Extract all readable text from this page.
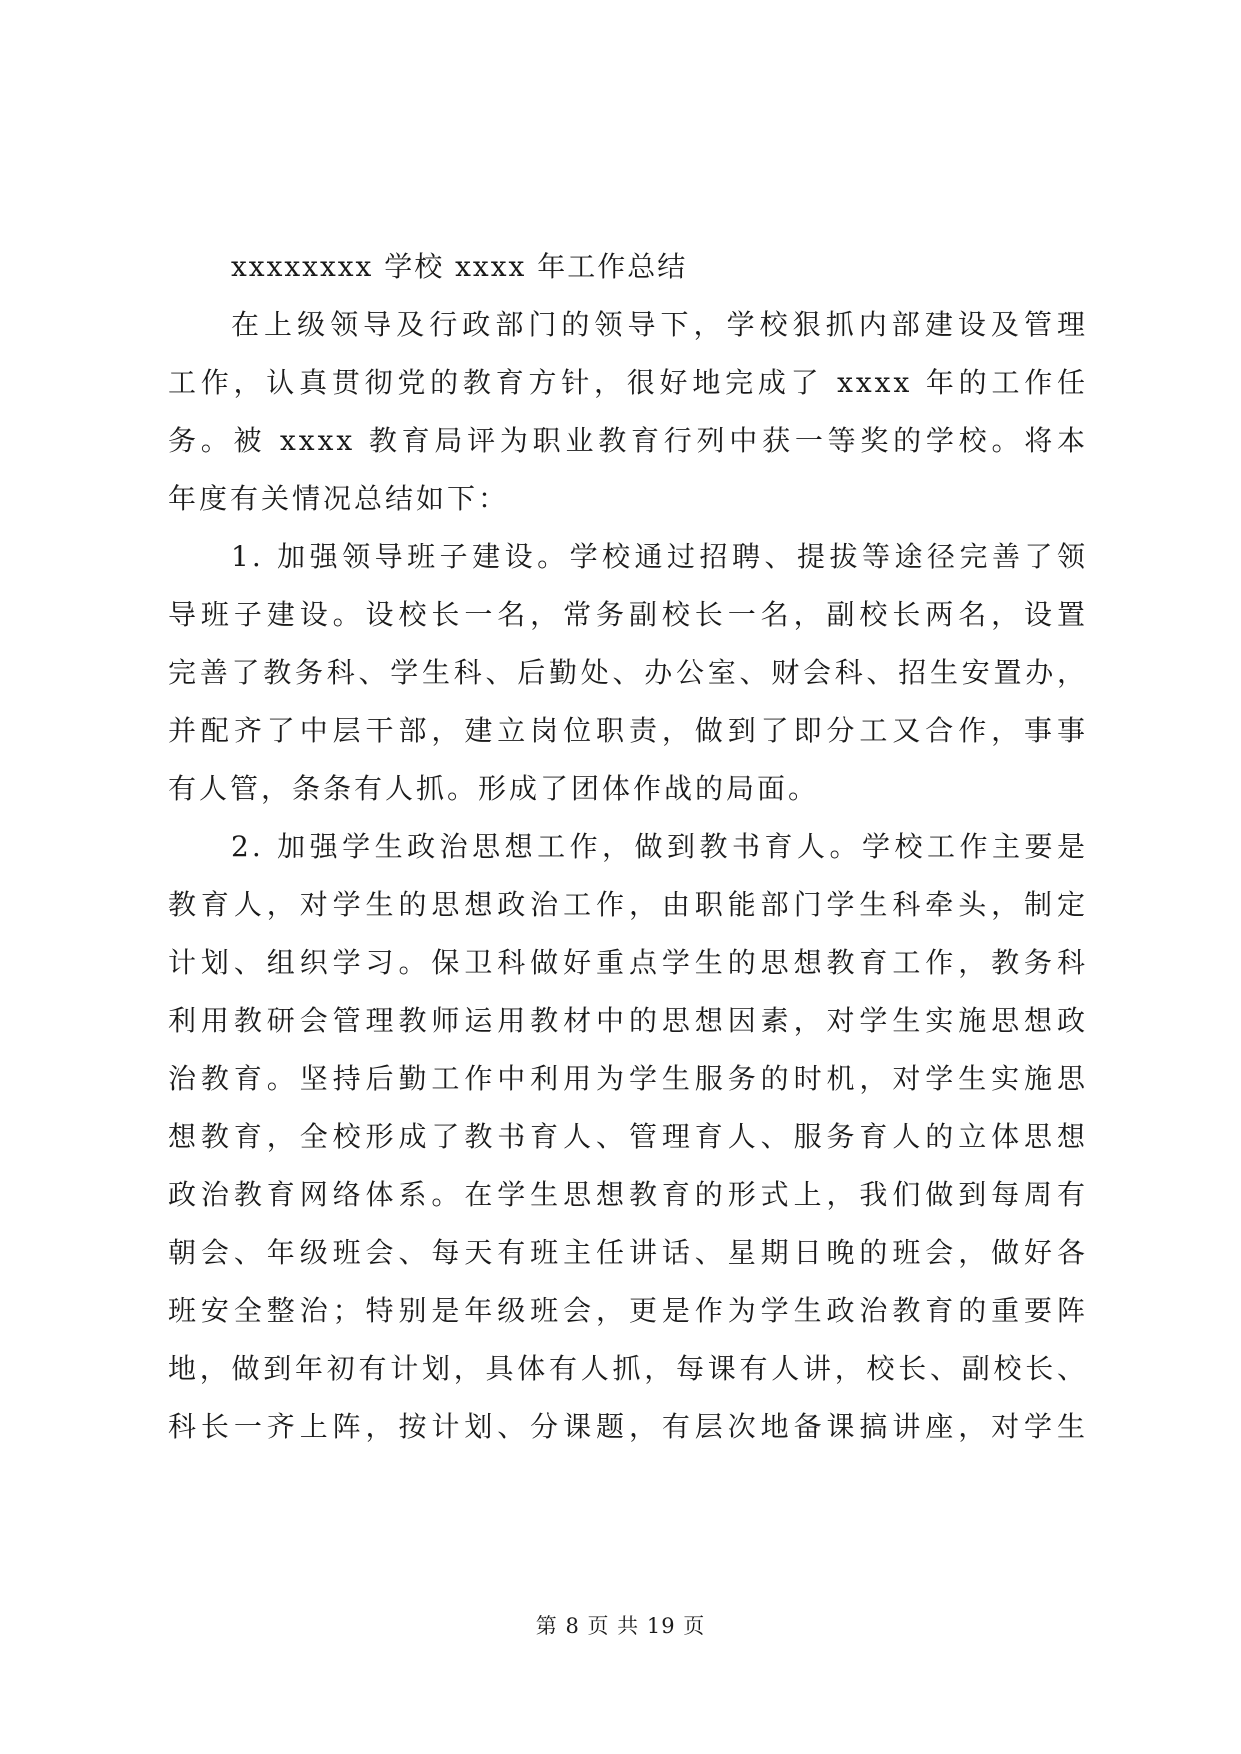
xxxxxxxx 学校 xxxx 年工作总结
在上级领导及行政部门的领导下，学校狠抓内部建设及管理
工作，认真贯彻党的教育方针，很好地完成了 xxxx 年的工作任
务。被 xxxx 教育局评为职业教育行列中获一等奖的学校。将本
年度有关情况总结如下：
1. 加强领导班子建设。学校通过招聘、提拔等途径完善了领
导班子建设。设校长一名，常务副校长一名，副校长两名，设置
完善了教务科、学生科、后勤处、办公室、财会科、招生安置办，
并配齐了中层干部，建立岗位职责，做到了即分工又合作，事事
有人管，条条有人抓。形成了团体作战的局面。
2. 加强学生政治思想工作，做到教书育人。学校工作主要是
教育人，对学生的思想政治工作，由职能部门学生科牵头，制定
计划、组织学习。保卫科做好重点学生的思想教育工作，教务科
利用教研会管理教师运用教材中的思想因素，对学生实施思想政
治教育。坚持后勤工作中利用为学生服务的时机，对学生实施思
想教育，全校形成了教书育人、管理育人、服务育人的立体思想
政治教育网络体系。在学生思想教育的形式上，我们做到每周有
朝会、年级班会、每天有班主任讲话、星期日晚的班会，做好各
班安全整治；特别是年级班会，更是作为学生政治教育的重要阵
地，做到年初有计划，具体有人抓，每课有人讲，校长、副校长、
科长一齐上阵，按计划、分课题，有层次地备课搞讲座，对学生
第 8 页 共 19 页
